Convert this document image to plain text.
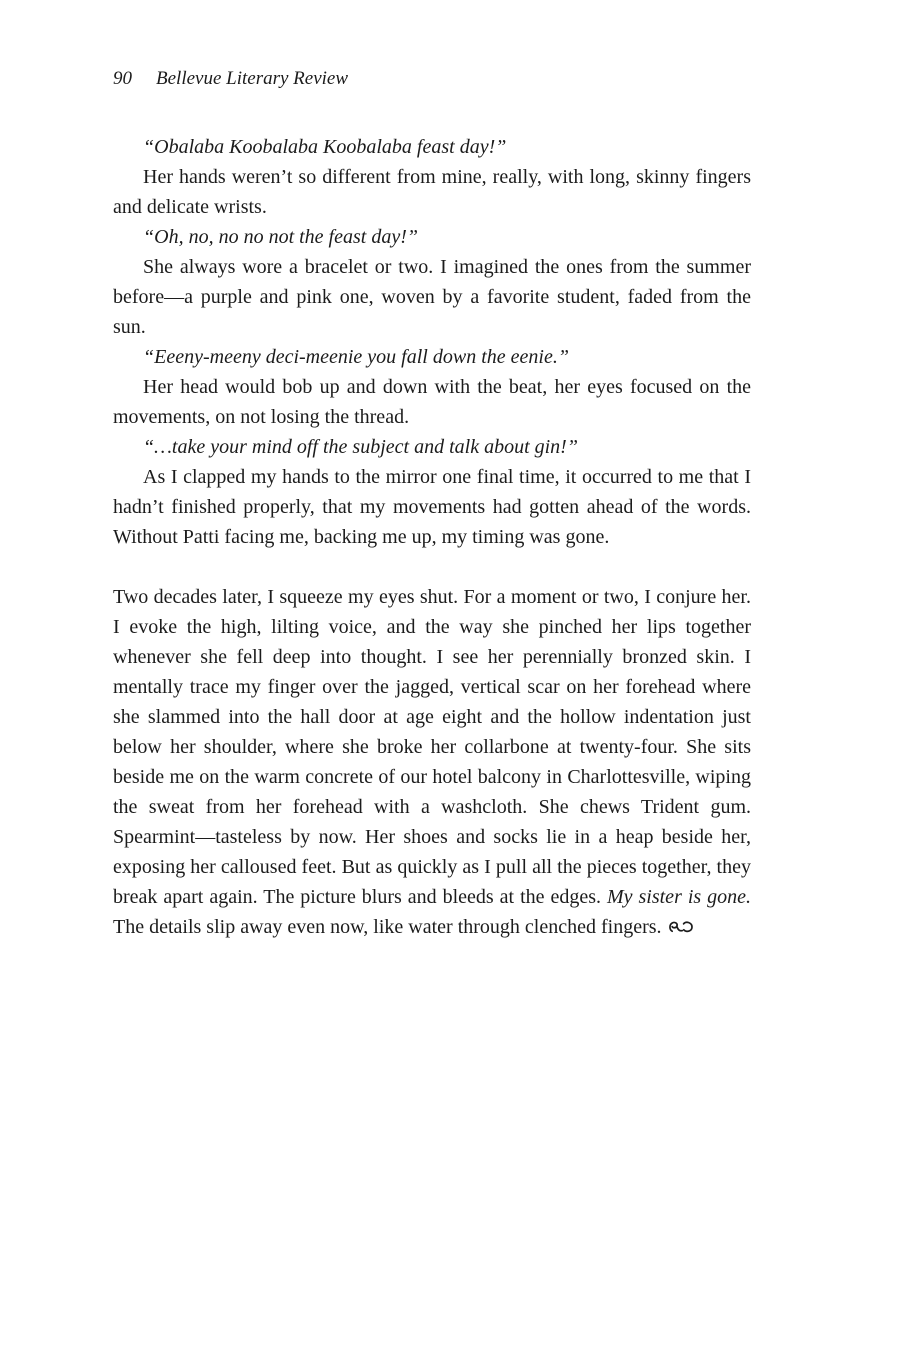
90 Bellevue Literary Review

“Obalaba Koobalaba Koobalaba feast day!”

Her hands weren’t so different from mine, really, with long, skinny fingers and delicate wrists.

“Oh, no, no no not the feast day!”

She always wore a bracelet or two. I imagined the ones from the summer before—a purple and pink one, woven by a favorite student, faded from the sun.

“Eeeny-meeny deci-meenie you fall down the eenie.”

Her head would bob up and down with the beat, her eyes focused on the movements, on not losing the thread.

“…take your mind off the subject and talk about gin!”

As I clapped my hands to the mirror one final time, it occurred to me that I hadn’t finished properly, that my movements had gotten ahead of the words. Without Patti facing me, backing me up, my timing was gone.

Two decades later, I squeeze my eyes shut. For a moment or two, I conjure her. I evoke the high, lilting voice, and the way she pinched her lips together whenever she fell deep into thought. I see her perennially bronzed skin. I mentally trace my finger over the jagged, vertical scar on her forehead where she slammed into the hall door at age eight and the hollow indentation just below her shoulder, where she broke her collarbone at twenty-four. She sits beside me on the warm concrete of our hotel balcony in Charlottesville, wiping the sweat from her forehead with a washcloth. She chews Trident gum. Spearmint—tasteless by now. Her shoes and socks lie in a heap beside her, exposing her calloused feet. But as quickly as I pull all the pieces together, they break apart again. The picture blurs and bleeds at the edges. My sister is gone. The details slip away even now, like water through clenched fingers.
